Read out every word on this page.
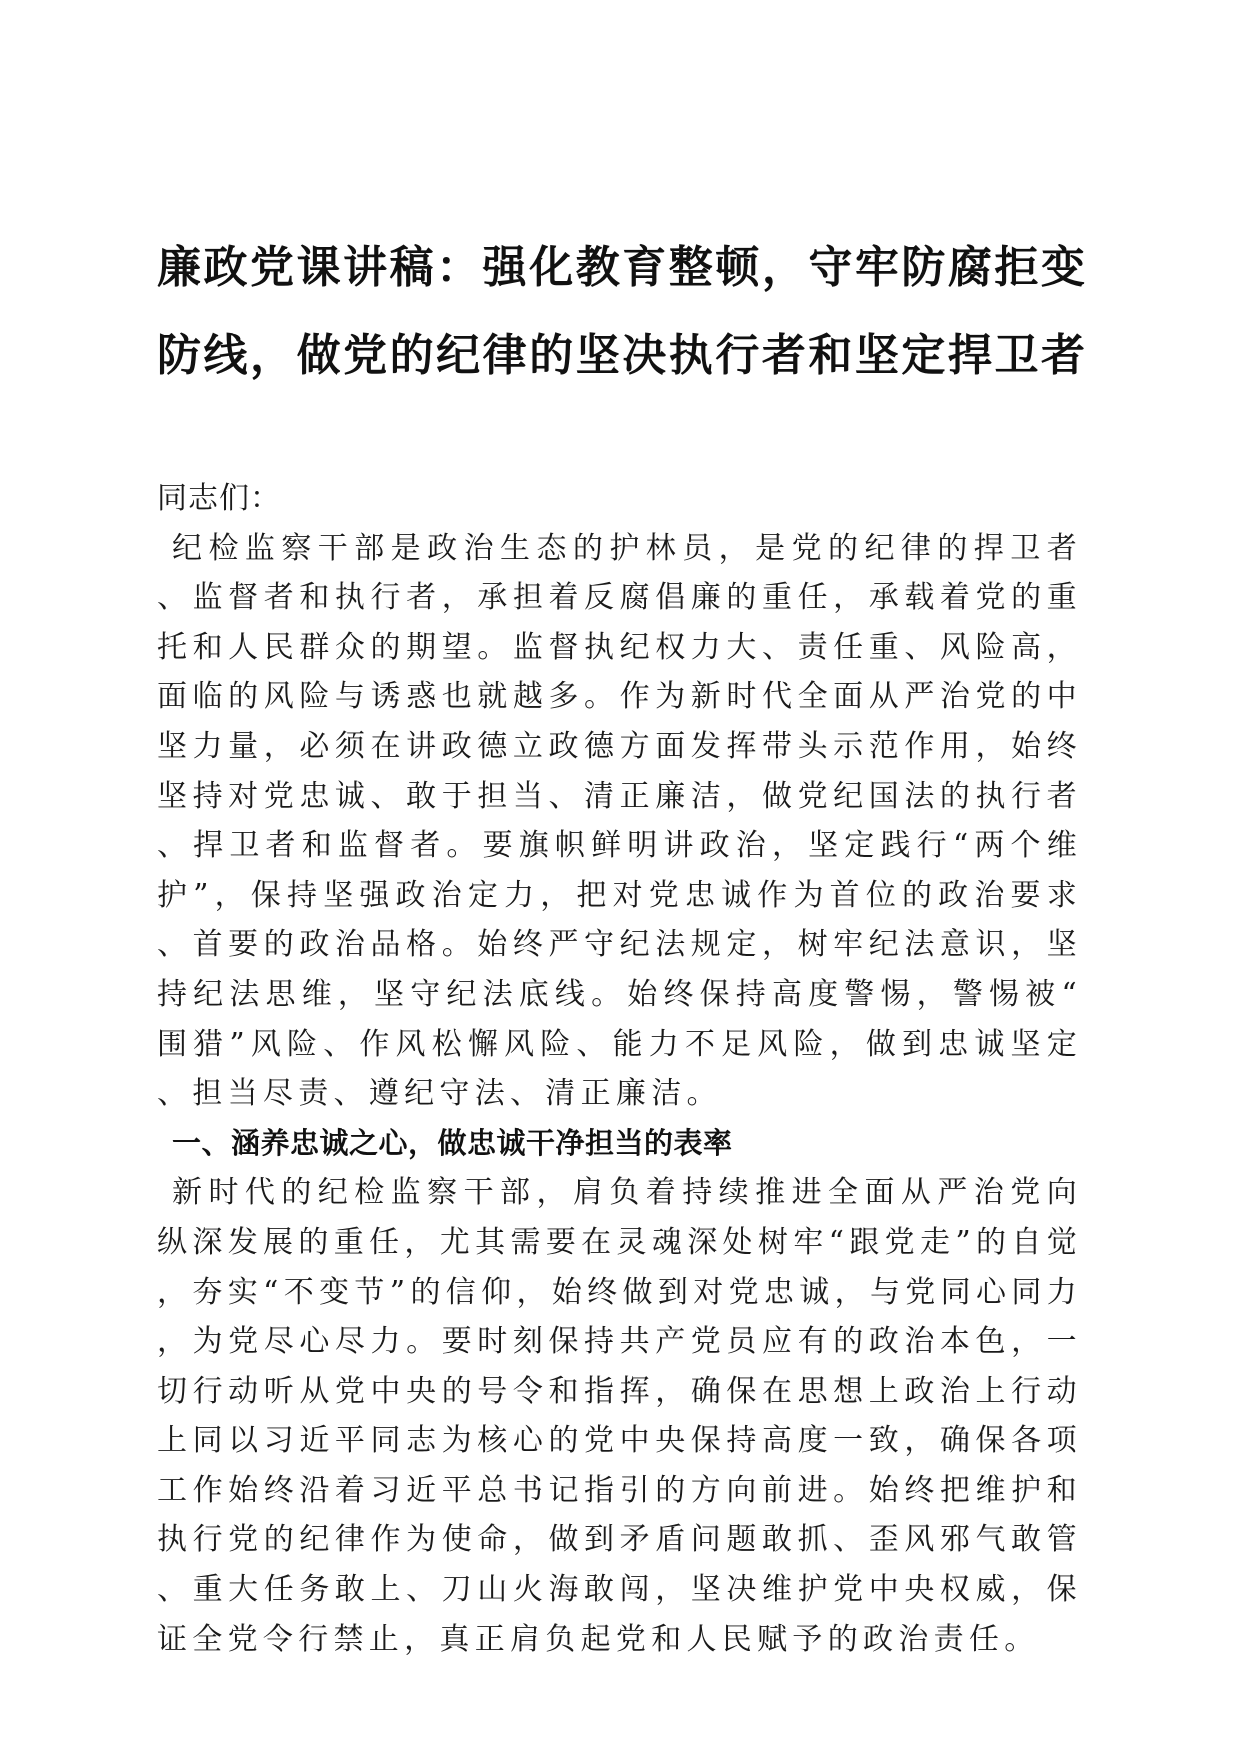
廉政党课讲稿：强化教育整顿，守牢防腐拒变
防线，做党的纪律的坚决执行者和坚定捍卫者

同志们：

纪检监察干部是政治生态的护林员，是党的纪律的捍卫者、监督者和执行者，承担着反腐倡廉的重任，承载着党的重托和人民群众的期望。监督执纪权力大、责任重、风险高，面临的风险与诱惑也就越多。作为新时代全面从严治党的中坚力量，必须在讲政德立政德方面发挥带头示范作用，始终坚持对党忠诚、敢于担当、清正廉洁，做党纪国法的执行者、捍卫者和监督者。要旗帜鲜明讲政治，坚定践行“两个维护”，保持坚强政治定力，把对党忠诚作为首位的政治要求、首要的政治品格。始终严守纪法规定，树牢纪法意识，坚持纪法思维，坚守纪法底线。始终保持高度警惕，警惕被“围猎”风险、作风松懈风险、能力不足风险，做到忠诚坚定、担当尽责、遵纪守法、清正廉洁。

一、涵养忠诚之心，做忠诚干净担当的表率

新时代的纪检监察干部，肩负着持续推进全面从严治党向纵深发展的重任，尤其需要在灵魂深处树牢“跟党走”的自觉，夯实“不变节”的信仰，始终做到对党忠诚，与党同心同力，为党尽心尽力。要时刻保持共产党员应有的政治本色，一切行动听从党中央的号令和指挥，确保在思想上政治上行动上同以习近平同志为核心的党中央保持高度一致，确保各项工作始终沿着习近平总书记指引的方向前进。始终把维护和执行党的纪律作为使命，做到矛盾问题敢抓、歪风邪气敢管、重大任务敢上、刀山火海敢闯，坚决维护党中央权威，保证全党令行禁止，真正肩负起党和人民赋予的政治责任。
